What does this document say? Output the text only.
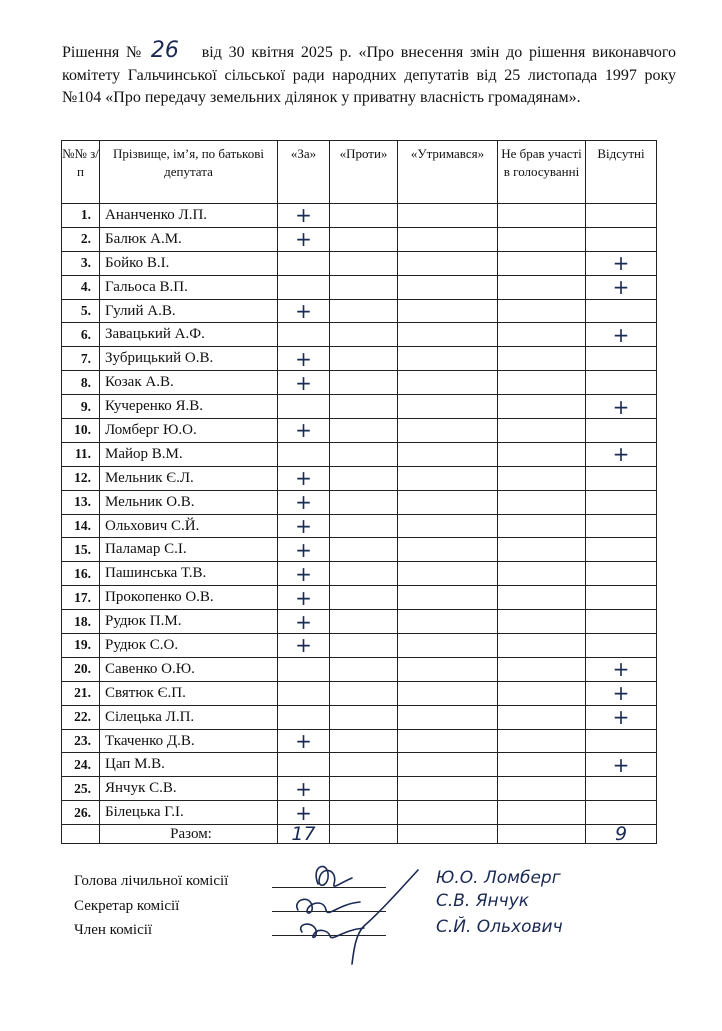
Рішення № 26 від 30 квітня 2025 р. «Про внесення змін до рішення виконавчого комітету Гальчинської сільської ради народних депутатів від 25 листопада 1997 року №104 «Про передачу земельних ділянок у приватну власність громадянам».
№№ з/п	Прізвище, ім’я, по батькові депутата	«За»	«Проти»	«Утримався»	Не брав участі в голосуванні	Відсутні
1.	Ананченко Л.П.	+				
2.	Балюк А.М.	+				
3.	Бойко В.І.					+
4.	Гальоса В.П.					+
5.	Гулий А.В.	+				
6.	Завацький А.Ф.					+
7.	Зубрицький О.В.	+				
8.	Козак А.В.	+				
9.	Кучеренко Я.В.					+
10.	Ломберг Ю.О.	+				
11.	Майор В.М.					+
12.	Мельник Є.Л.	+				
13.	Мельник О.В.	+				
14.	Ольхович С.Й.	+				
15.	Паламар С.І.	+				
16.	Пашинська Т.В.	+				
17.	Прокопенко О.В.	+				
18.	Рудюк П.М.	+				
19.	Рудюк С.О.	+				
20.	Савенко О.Ю.					+
21.	Святюк Є.П.					+
22.	Сілецька Л.П.					+
23.	Ткаченко Д.В.	+				
24.	Цап М.В.					+
25.	Янчук С.В.	+				
26.	Білецька Г.І.	+				
	Разом:	17				9
Голова лічильної комісії
Секретар комісії
Член комісії
Ю.О. Ломберг
С.В. Янчук
С.Й. Ольхович
